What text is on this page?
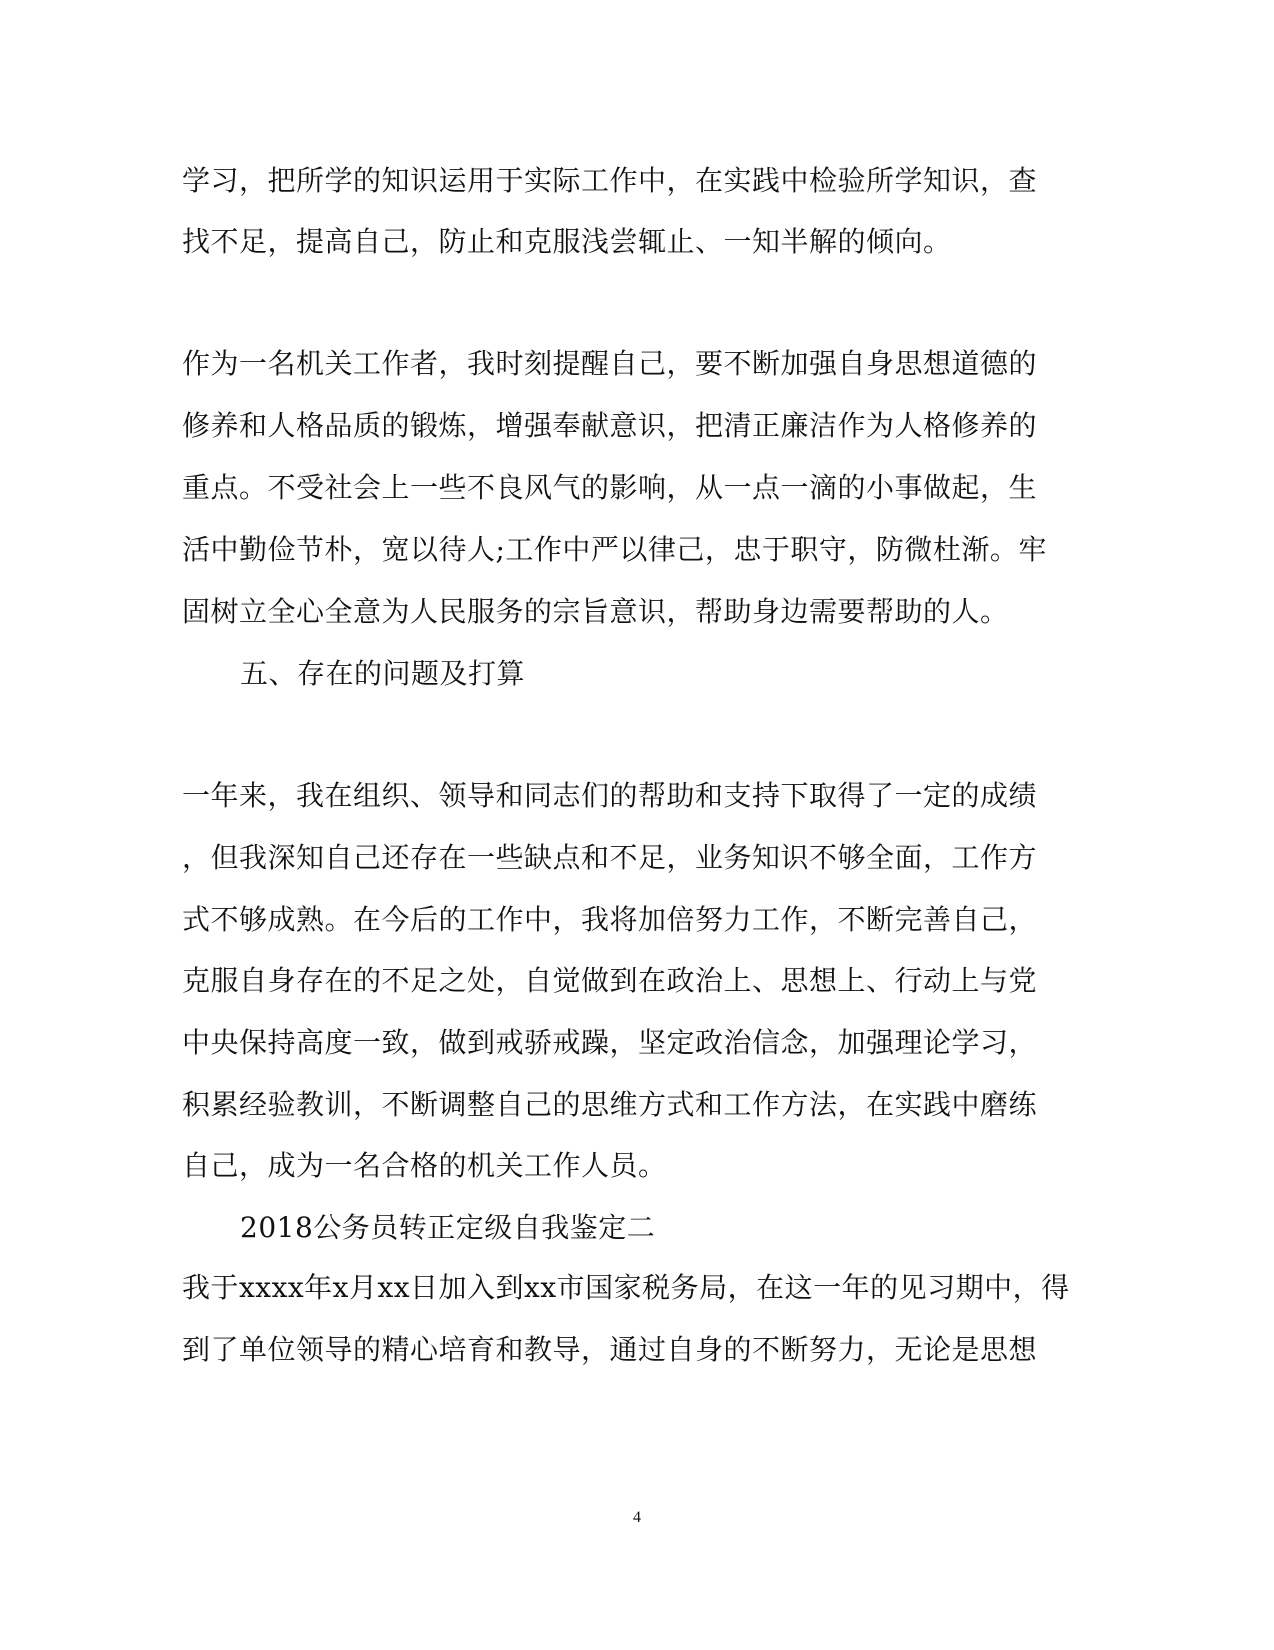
学习，把所学的知识运用于实际工作中，在实践中检验所学知识，查
找不足，提高自己，防止和克服浅尝辄止、一知半解的倾向。
作为一名机关工作者，我时刻提醒自己，要不断加强自身思想道德的
修养和人格品质的锻炼，增强奉献意识，把清正廉洁作为人格修养的
重点。不受社会上一些不良风气的影响，从一点一滴的小事做起，生
活中勤俭节朴，宽以待人;工作中严以律己，忠于职守，防微杜渐。牢
固树立全心全意为人民服务的宗旨意识，帮助身边需要帮助的人。
五、存在的问题及打算
一年来，我在组织、领导和同志们的帮助和支持下取得了一定的成绩
，但我深知自己还存在一些缺点和不足，业务知识不够全面，工作方
式不够成熟。在今后的工作中，我将加倍努力工作，不断完善自己，
克服自身存在的不足之处，自觉做到在政治上、思想上、行动上与党
中央保持高度一致，做到戒骄戒躁，坚定政治信念，加强理论学习，
积累经验教训，不断调整自己的思维方式和工作方法，在实践中磨练
自己，成为一名合格的机关工作人员。
2018公务员转正定级自我鉴定二
我于xxxx年x月xx日加入到xx市国家税务局，在这一年的见习期中，得
到了单位领导的精心培育和教导，通过自身的不断努力，无论是思想
4
